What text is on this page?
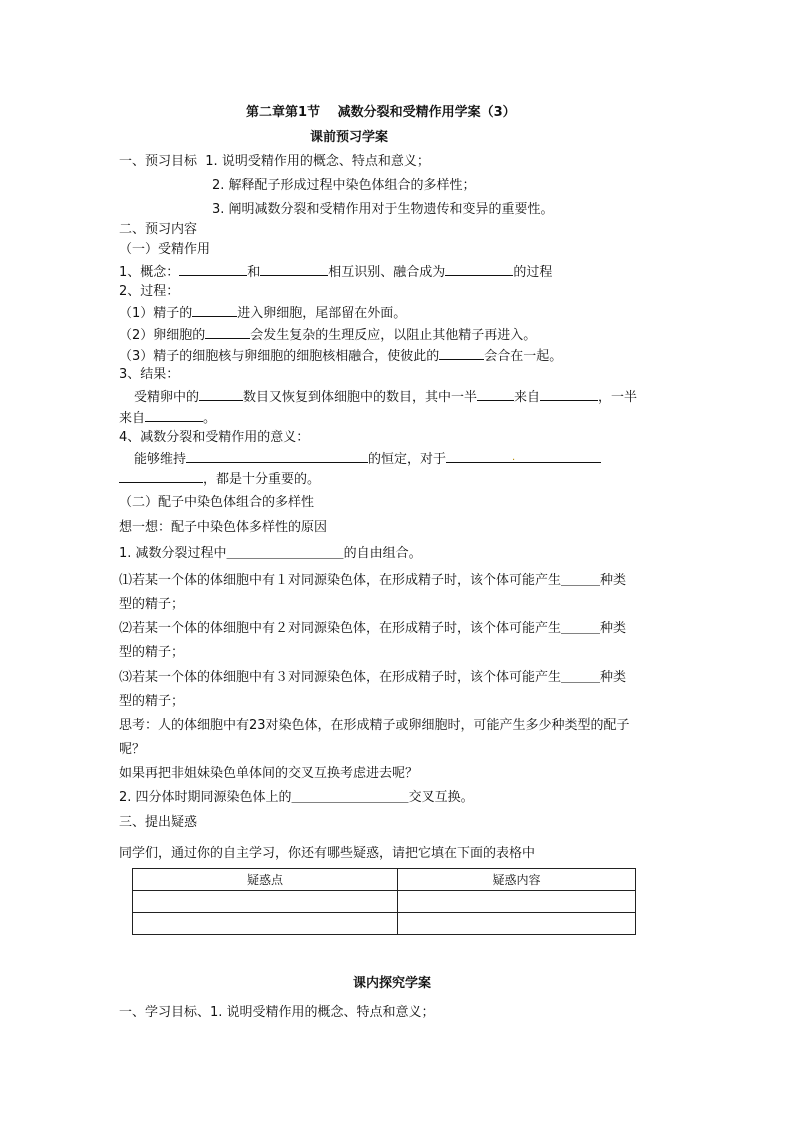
第二章第1节　 减数分裂和受精作用学案（3）
课前预习学案
一、预习目标 1. 说明受精作用的概念、特点和意义；
2. 解释配子形成过程中染色体组合的多样性；
3. 阐明减数分裂和受精作用对于生物遗传和变异的重要性。
二、预习内容
（一）受精作用
1、概念：	和	相互识别、融合成为	的过程
2、过程：
（1）精子的	进入卵细胞，尾部留在外面。
（2）卵细胞的	会发生复杂的生理反应，以阻止其他精子再进入。
（3）精子的细胞核与卵细胞的细胞核相融合，使彼此的	会合在一起。
3、结果：
受精卵中的	数目又恢复到体细胞中的数目，其中一半	来自	，一半
来自	。
4、减数分裂和受精作用的意义：
能够维持	的恒定，对于	.
，都是十分重要的。
（二）配子中染色体组合的多样性
想一想：配子中染色体多样性的原因
1. 减数分裂过程中＿＿＿＿＿＿＿＿＿的自由组合。
⑴若某一个体的体细胞中有１对同源染色体，在形成精子时，该个体可能产生＿＿＿种类
型的精子；
⑵若某一个体的体细胞中有２对同源染色体，在形成精子时，该个体可能产生＿＿＿种类
型的精子；
⑶若某一个体的体细胞中有３对同源染色体，在形成精子时，该个体可能产生＿＿＿种类
型的精子；
思考：人的体细胞中有23对染色体，在形成精子或卵细胞时，可能产生多少种类型的配子
呢？
如果再把非姐妹染色单体间的交叉互换考虑进去呢？
2. 四分体时期同源染色体上的＿＿＿＿＿＿＿＿＿交叉互换。
三、提出疑惑
同学们，通过你的自主学习，你还有哪些疑惑，请把它填在下面的表格中
疑惑点	疑惑内容

课内探究学案
一、学习目标、1. 说明受精作用的概念、特点和意义；
